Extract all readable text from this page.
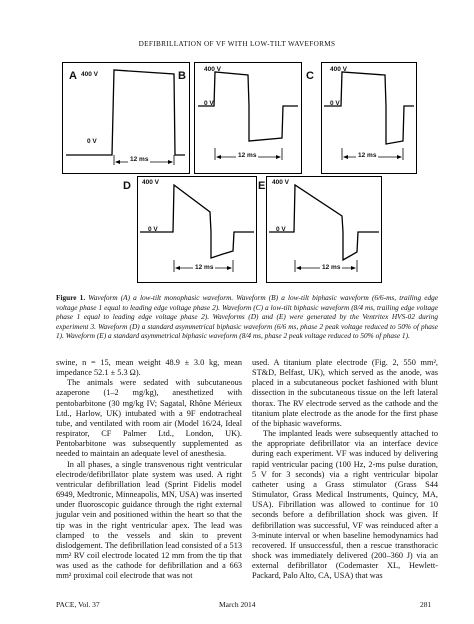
DEFIBRILLATION OF VF WITH LOW-TILT WAVEFORMS
A 400 V
0 V
12 ms
B
400 V
0 V
12 ms
C
400 V
0 V
12 ms
D 400 V
0 V
12 ms
E 400 V
0 V
12 ms
Figure 1. Waveform (A) a low-tilt monophasic waveform. Waveform (B) a low-tilt biphasic waveform (6/6-ms, trailing edge voltage phase 1 equal to leading edge voltage phase 2). Waveform (C) a low-tilt biphasic waveform (8/4 ms, trailing edge voltage phase 1 equal to leading edge voltage phase 2). Waveforms (D) and (E) were generated by the Ventritex HVS-02 during experiment 3. Waveform (D) a standard asymmetrical biphasic waveform (6/6 ms, phase 2 peak voltage reduced to 50% of phase 1). Waveform (E) a standard asymmetrical biphasic waveform (8/4 ms, phase 2 peak voltage reduced to 50% of phase 1).

swine, n = 15, mean weight 48.9 ± 3.0 kg, mean impedance 52.1 ± 5.3 Ω).

The animals were sedated with subcutaneous azaperone (1–2 mg/kg), anesthetized with pentobarbitone (30 mg/kg IV; Sagatal, Rhône Mérieux Ltd., Harlow, UK) intubated with a 9F endotracheal tube, and ventilated with room air (Model 16/24, Ideal respirator, CF Palmer Ltd., London, UK). Pentobarbitone was subsequently supplemented as needed to maintain an adequate level of anesthesia.

In all phases, a single transvenous right ventricular electrode/defibrillator plate system was used. A right ventricular defibrillation lead (Sprint Fidelis model 6949, Medtronic, Minneapolis, MN, USA) was inserted under fluoroscopic guidance through the right external jugular vein and positioned within the heart so that the tip was in the right ventricular apex. The lead was clamped to the vessels and skin to prevent dislodgement. The defibrillation lead consisted of a 513 mm² RV coil electrode located 12 mm from the tip that was used as the cathode for defibrillation and a 663 mm² proximal coil electrode that was not

used. A titanium plate electrode (Fig. 2, 550 mm², ST&D, Belfast, UK), which served as the anode, was placed in a subcutaneous pocket fashioned with blunt dissection in the subcutaneous tissue on the left lateral thorax. The RV electrode served as the cathode and the titanium plate electrode as the anode for the first phase of the biphasic waveforms.

The implanted leads were subsequently attached to the appropriate defibrillator via an interface device during each experiment. VF was induced by delivering rapid ventricular pacing (100 Hz, 2-ms pulse duration, 5 V for 3 seconds) via a right ventricular bipolar catheter using a Grass stimulator (Grass S44 Stimulator, Grass Medical Instruments, Quincy, MA, USA). Fibrillation was allowed to continue for 10 seconds before a defibrillation shock was given. If defibrillation was successful, VF was reinduced after a 3-minute interval or when baseline hemodynamics had recovered. If unsuccessful, then a rescue transthoracic shock was immediately delivered (200–360 J) via an external defibrillator (Codemaster XL, Hewlett-Packard, Palo Alto, CA, USA) that was

PACE, Vol. 37	March 2014	281
